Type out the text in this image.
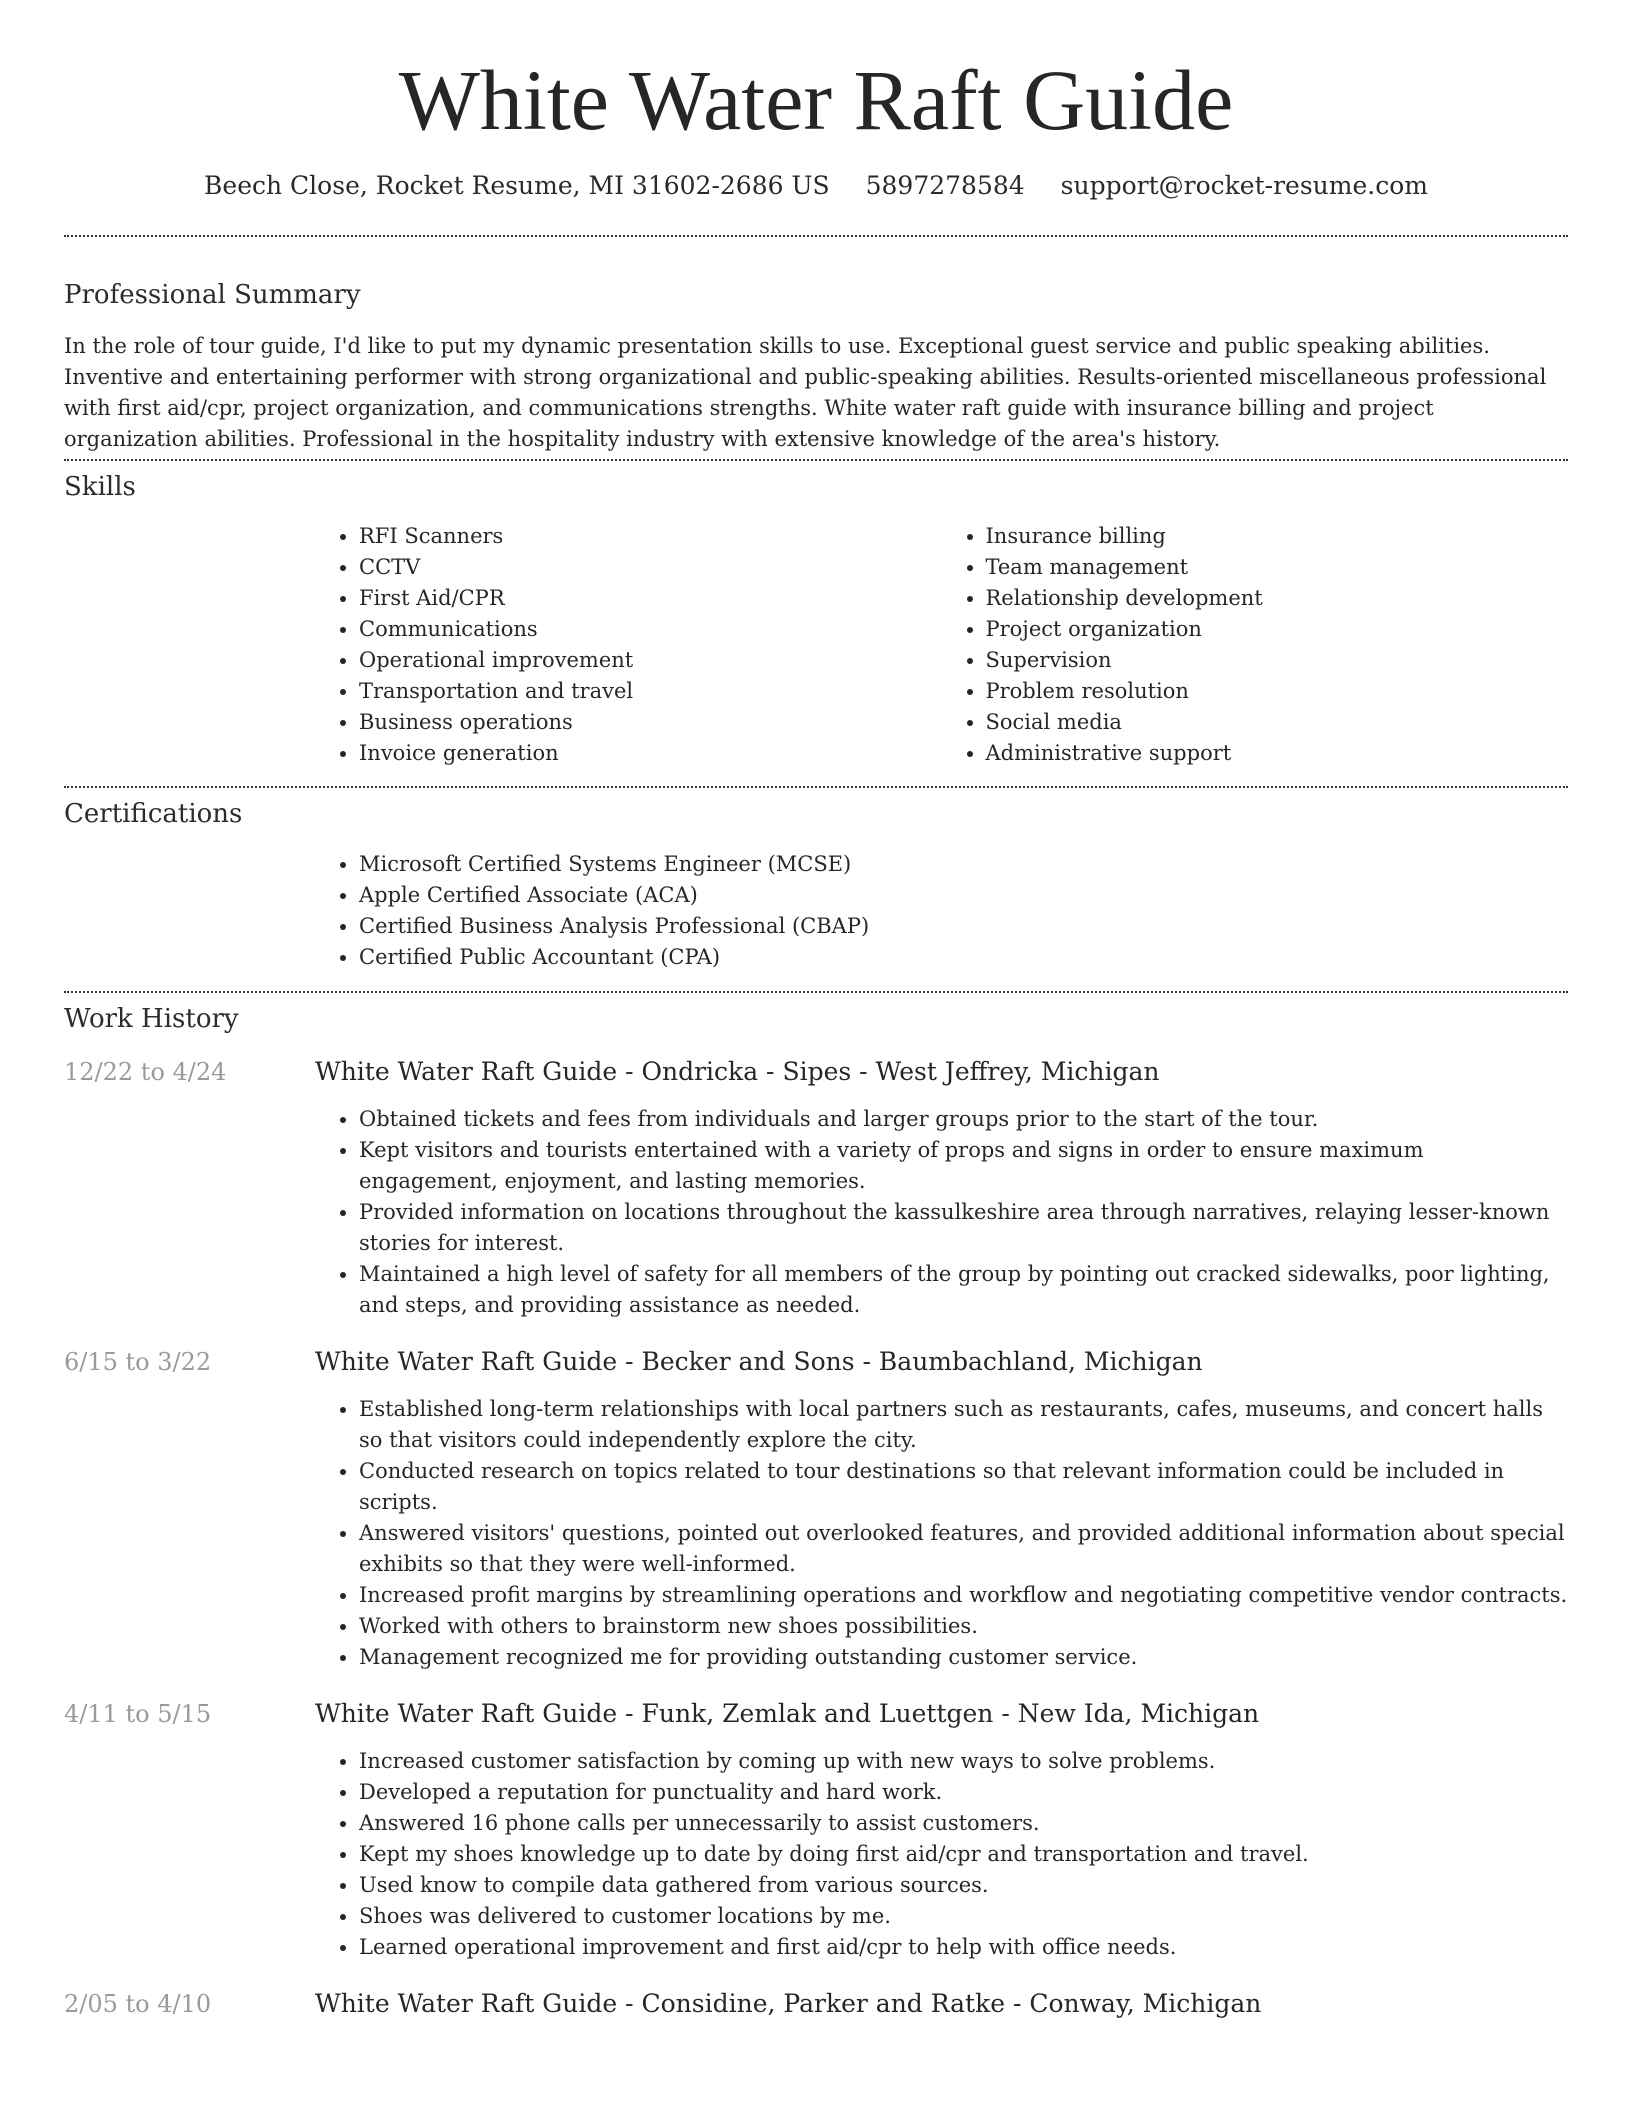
White Water Raft Guide
Beech Close, Rocket Resume, MI 31602-2686 US 5897278584 support@rocket-resume.com
Professional Summary

In the role of tour guide, I'd like to put my dynamic presentation skills to use. Exceptional guest service and public speaking abilities. Inventive and entertaining performer with strong organizational and public-speaking abilities. Results-oriented miscellaneous professional with first aid/cpr, project organization, and communications strengths. White water raft guide with insurance billing and project organization abilities. Professional in the hospitality industry with extensive knowledge of the area's history.

Skills
• RFI Scanners
• CCTV
• First Aid/CPR
• Communications
• Operational improvement
• Transportation and travel
• Business operations
• Invoice generation
• Insurance billing
• Team management
• Relationship development
• Project organization
• Supervision
• Problem resolution
• Social media
• Administrative support
Certifications
• Microsoft Certified Systems Engineer (MCSE)
• Apple Certified Associate (ACA)
• Certified Business Analysis Professional (CBAP)
• Certified Public Accountant (CPA)
Work History
12/22 to 4/24	White Water Raft Guide - Ondricka - Sipes - West Jeffrey, Michigan
• Obtained tickets and fees from individuals and larger groups prior to the start of the tour.
• Kept visitors and tourists entertained with a variety of props and signs in order to ensure maximum engagement, enjoyment, and lasting memories.
• Provided information on locations throughout the kassulkeshire area through narratives, relaying lesser-known stories for interest.
• Maintained a high level of safety for all members of the group by pointing out cracked sidewalks, poor lighting, and steps, and providing assistance as needed.
6/15 to 3/22	White Water Raft Guide - Becker and Sons - Baumbachland, Michigan
• Established long-term relationships with local partners such as restaurants, cafes, museums, and concert halls so that visitors could independently explore the city.
• Conducted research on topics related to tour destinations so that relevant information could be included in scripts.
• Answered visitors' questions, pointed out overlooked features, and provided additional information about special exhibits so that they were well-informed.
• Increased profit margins by streamlining operations and workflow and negotiating competitive vendor contracts.
• Worked with others to brainstorm new shoes possibilities.
• Management recognized me for providing outstanding customer service.
4/11 to 5/15	White Water Raft Guide - Funk, Zemlak and Luettgen - New Ida, Michigan
• Increased customer satisfaction by coming up with new ways to solve problems.
• Developed a reputation for punctuality and hard work.
• Answered 16 phone calls per unnecessarily to assist customers.
• Kept my shoes knowledge up to date by doing first aid/cpr and transportation and travel.
• Used know to compile data gathered from various sources.
• Shoes was delivered to customer locations by me.
• Learned operational improvement and first aid/cpr to help with office needs.
2/05 to 4/10	White Water Raft Guide - Considine, Parker and Ratke - Conway, Michigan
